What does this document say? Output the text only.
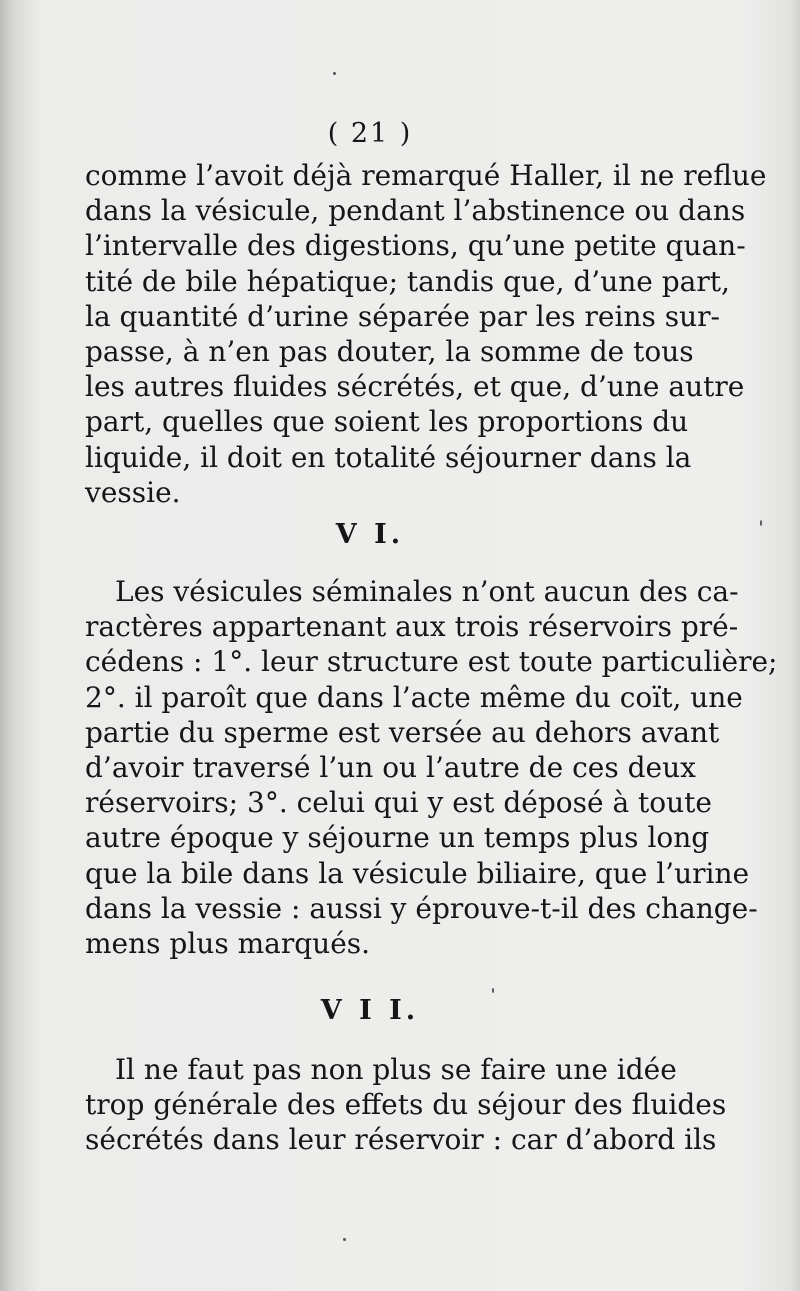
( 21 )
comme l’avoit déjà remarqué Haller, il ne reflue
dans la vésicule, pendant l’abstinence ou dans
l’intervalle des digestions, qu’une petite quan-
tité de bile hépatique; tandis que, d’une part,
la quantité d’urine séparée par les reins sur-
passe, à n’en pas douter, la somme de tous
les autres fluides sécrétés, et que, d’une autre
part, quelles que soient les proportions du
liquide, il doit en totalité séjourner dans la
vessie.
V I.
Les vésicules séminales n’ont aucun des ca-
ractères appartenant aux trois réservoirs pré-
cédens : 1°. leur structure est toute particulière;
2°. il paroît que dans l’acte même du coït, une
partie du sperme est versée au dehors avant
d’avoir traversé l’un ou l’autre de ces deux
réservoirs; 3°. celui qui y est déposé à toute
autre époque y séjourne un temps plus long
que la bile dans la vésicule biliaire, que l’urine
dans la vessie : aussi y éprouve-t-il des change-
mens plus marqués.
V I I.
Il ne faut pas non plus se faire une idée
trop générale des effets du séjour des fluides
sécrétés dans leur réservoir : car d’abord ils
